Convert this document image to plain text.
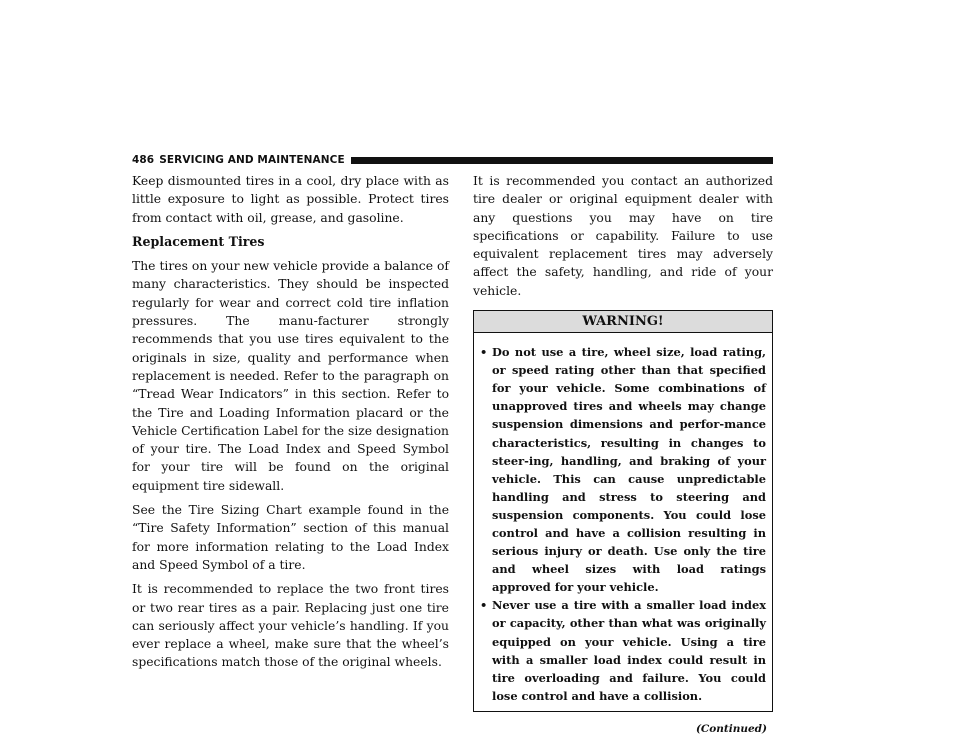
486 SERVICING AND MAINTENANCE

Keep dismounted tires in a cool, dry place with as little exposure to light as possible. Protect tires from contact with oil, grease, and gasoline.

Replacement Tires

The tires on your new vehicle provide a balance of many characteristics. They should be inspected regularly for wear and correct cold tire inflation pressures. The manu-facturer strongly recommends that you use tires equivalent to the originals in size, quality and performance when replacement is needed. Refer to the paragraph on “Tread Wear Indicators” in this section. Refer to the Tire and Loading Information placard or the Vehicle Certification Label for the size designation of your tire. The Load Index and Speed Symbol for your tire will be found on the original equipment tire sidewall.

See the Tire Sizing Chart example found in the “Tire Safety Information” section of this manual for more information relating to the Load Index and Speed Symbol of a tire.

It is recommended to replace the two front tires or two rear tires as a pair. Replacing just one tire can seriously affect your vehicle’s handling. If you ever replace a wheel, make sure that the wheel’s specifications match those of the original wheels.

It is recommended you contact an authorized tire dealer or original equipment dealer with any questions you may have on tire specifications or capability. Failure to use equivalent replacement tires may adversely affect the safety, handling, and ride of your vehicle.

WARNING!
• Do not use a tire, wheel size, load rating, or speed rating other than that specified for your vehicle. Some combinations of unapproved tires and wheels may change suspension dimensions and perfor-mance characteristics, resulting in changes to steer-ing, handling, and braking of your vehicle. This can cause unpredictable handling and stress to steering and suspension components. You could lose control and have a collision resulting in serious injury or death. Use only the tire and wheel sizes with load ratings approved for your vehicle.
• Never use a tire with a smaller load index or capacity, other than what was originally equipped on your vehicle. Using a tire with a smaller load index could result in tire overloading and failure. You could lose control and have a collision.
(Continued)
